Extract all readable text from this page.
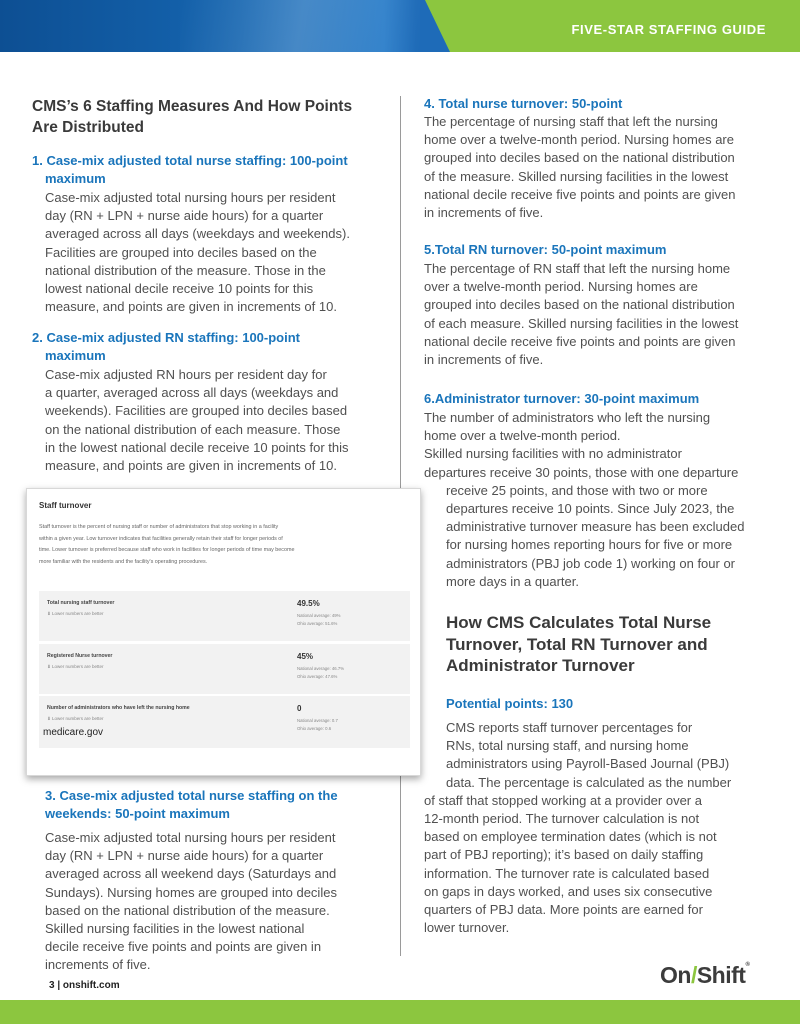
FIVE-STAR STAFFING GUIDE
CMS’s 6 Staffing Measures And How Points
Are Distributed
1. Case-mix adjusted total nurse staffing: 100-point
maximum
Case-mix adjusted total nursing hours per resident
day (RN + LPN + nurse aide hours) for a quarter
averaged across all days (weekdays and weekends).
Facilities are grouped into deciles based on the
national distribution of the measure. Those in the
lowest national decile receive 10 points for this
measure, and points are given in increments of 10.
2. Case-mix adjusted RN staffing: 100-point
maximum
Case-mix adjusted RN hours per resident day for
a quarter, averaged across all days (weekdays and
weekends). Facilities are grouped into deciles based
on the national distribution of each measure. Those
in the lowest national decile receive 10 points for this
measure, and points are given in increments of 10.
Staff turnover
Staff turnover is the percent of nursing staff or number of administrators that stop working in a facility
within a given year. Low turnover indicates that facilities generally retain their staff for longer periods of
time. Lower turnover is preferred because staff who work in facilities for longer periods of time may become
more familiar with the residents and the facility's operating procedures.
Total nursing staff turnover
⬇ Lower numbers are better
49.5%
National average: 49%
Ohio average: 51.6%
Registered Nurse turnover
⬇ Lower numbers are better
45%
National average: 46.7%
Ohio average: 47.6%
Number of administrators who have left the nursing home
⬇ Lower numbers are better
0
National average: 0.7
Ohio average: 0.6
medicare.gov
3. Case-mix adjusted total nurse staffing on the
weekends: 50-point maximum
Case-mix adjusted total nursing hours per resident
day (RN + LPN + nurse aide hours) for a quarter
averaged across all weekend days (Saturdays and
Sundays). Nursing homes are grouped into deciles
based on the national distribution of the measure.
Skilled nursing facilities in the lowest national
decile receive five points and points are given in
increments of five.
4. Total nurse turnover: 50-point
The percentage of nursing staff that left the nursing
home over a twelve-month period. Nursing homes are
grouped into deciles based on the national distribution
of the measure. Skilled nursing facilities in the lowest
national decile receive five points and points are given
in increments of five.
5.Total RN turnover: 50-point maximum
The percentage of RN staff that left the nursing home
over a twelve-month period. Nursing homes are
grouped into deciles based on the national distribution
of each measure. Skilled nursing facilities in the lowest
national decile receive five points and points are given
in increments of five.
6.Administrator turnover: 30-point maximum
The number of administrators who left the nursing
home over a twelve-month period.
Skilled nursing facilities with no administrator
departures receive 30 points, those with one departure
receive 25 points, and those with two or more
departures receive 10 points. Since July 2023, the
administrative turnover measure has been excluded
for nursing homes reporting hours for five or more
administrators (PBJ job code 1) working on four or
more days in a quarter.
How CMS Calculates Total Nurse
Turnover, Total RN Turnover and
Administrator Turnover
Potential points: 130
CMS reports staff turnover percentages for
RNs, total nursing staff, and nursing home
administrators using Payroll-Based Journal (PBJ)
data. The percentage is calculated as the number
of staff that stopped working at a provider over a
12-month period. The turnover calculation is not
based on employee termination dates (which is not
part of PBJ reporting); it’s based on daily staffing
information. The turnover rate is calculated based
on gaps in days worked, and uses six consecutive
quarters of PBJ data. More points are earned for
lower turnover.
3 | onshift.com	On/Shift®
